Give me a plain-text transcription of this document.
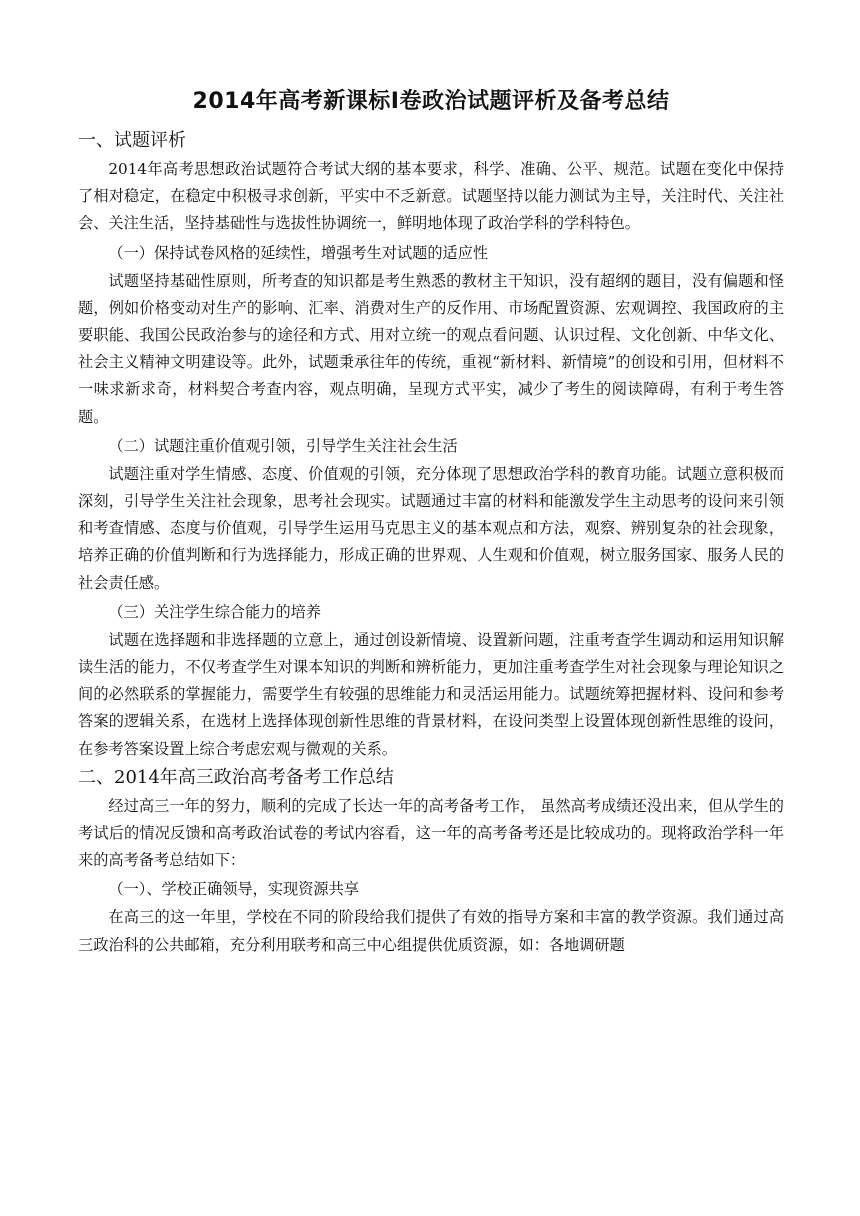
2014年高考新课标Ⅰ卷政治试题评析及备考总结

一、试题评析

2014年高考思想政治试题符合考试大纲的基本要求，科学、准确、公平、规范。试题在变化中保持了相对稳定，在稳定中积极寻求创新，平实中不乏新意。试题坚持以能力测试为主导，关注时代、关注社会、关注生活，坚持基础性与选拔性协调统一，鲜明地体现了政治学科的学科特色。

（一）保持试卷风格的延续性，增强考生对试题的适应性

试题坚持基础性原则，所考查的知识都是考生熟悉的教材主干知识，没有超纲的题目，没有偏题和怪题，例如价格变动对生产的影响、汇率、消费对生产的反作用、市场配置资源、宏观调控、我国政府的主要职能、我国公民政治参与的途径和方式、用对立统一的观点看问题、认识过程、文化创新、中华文化、社会主义精神文明建设等。此外，试题秉承往年的传统，重视“新材料、新情境”的创设和引用，但材料不一味求新求奇，材料契合考查内容，观点明确，呈现方式平实，减少了考生的阅读障碍，有利于考生答题。

（二）试题注重价值观引领，引导学生关注社会生活

试题注重对学生情感、态度、价值观的引领，充分体现了思想政治学科的教育功能。试题立意积极而深刻，引导学生关注社会现象，思考社会现实。试题通过丰富的材料和能激发学生主动思考的设问来引领和考查情感、态度与价值观，引导学生运用马克思主义的基本观点和方法，观察、辨别复杂的社会现象，培养正确的价值判断和行为选择能力，形成正确的世界观、人生观和价值观，树立服务国家、服务人民的社会责任感。

（三）关注学生综合能力的培养

试题在选择题和非选择题的立意上，通过创设新情境、设置新问题，注重考查学生调动和运用知识解读生活的能力，不仅考查学生对课本知识的判断和辨析能力，更加注重考查学生对社会现象与理论知识之间的必然联系的掌握能力，需要学生有较强的思维能力和灵活运用能力。试题统筹把握材料、设问和参考答案的逻辑关系，在选材上选择体现创新性思维的背景材料，在设问类型上设置体现创新性思维的设问，在参考答案设置上综合考虑宏观与微观的关系。

二、2014年高三政治高考备考工作总结

经过高三一年的努力，顺利的完成了长达一年的高考备考工作， 虽然高考成绩还没出来，但从学生的考试后的情况反馈和高考政治试卷的考试内容看，这一年的高考备考还是比较成功的。现将政治学科一年来的高考备考总结如下：

（一）、学校正确领导，实现资源共享

在高三的这一年里，学校在不同的阶段给我们提供了有效的指导方案和丰富的教学资源。我们通过高三政治科的公共邮箱，充分利用联考和高三中心组提供优质资源，如：各地调研题
